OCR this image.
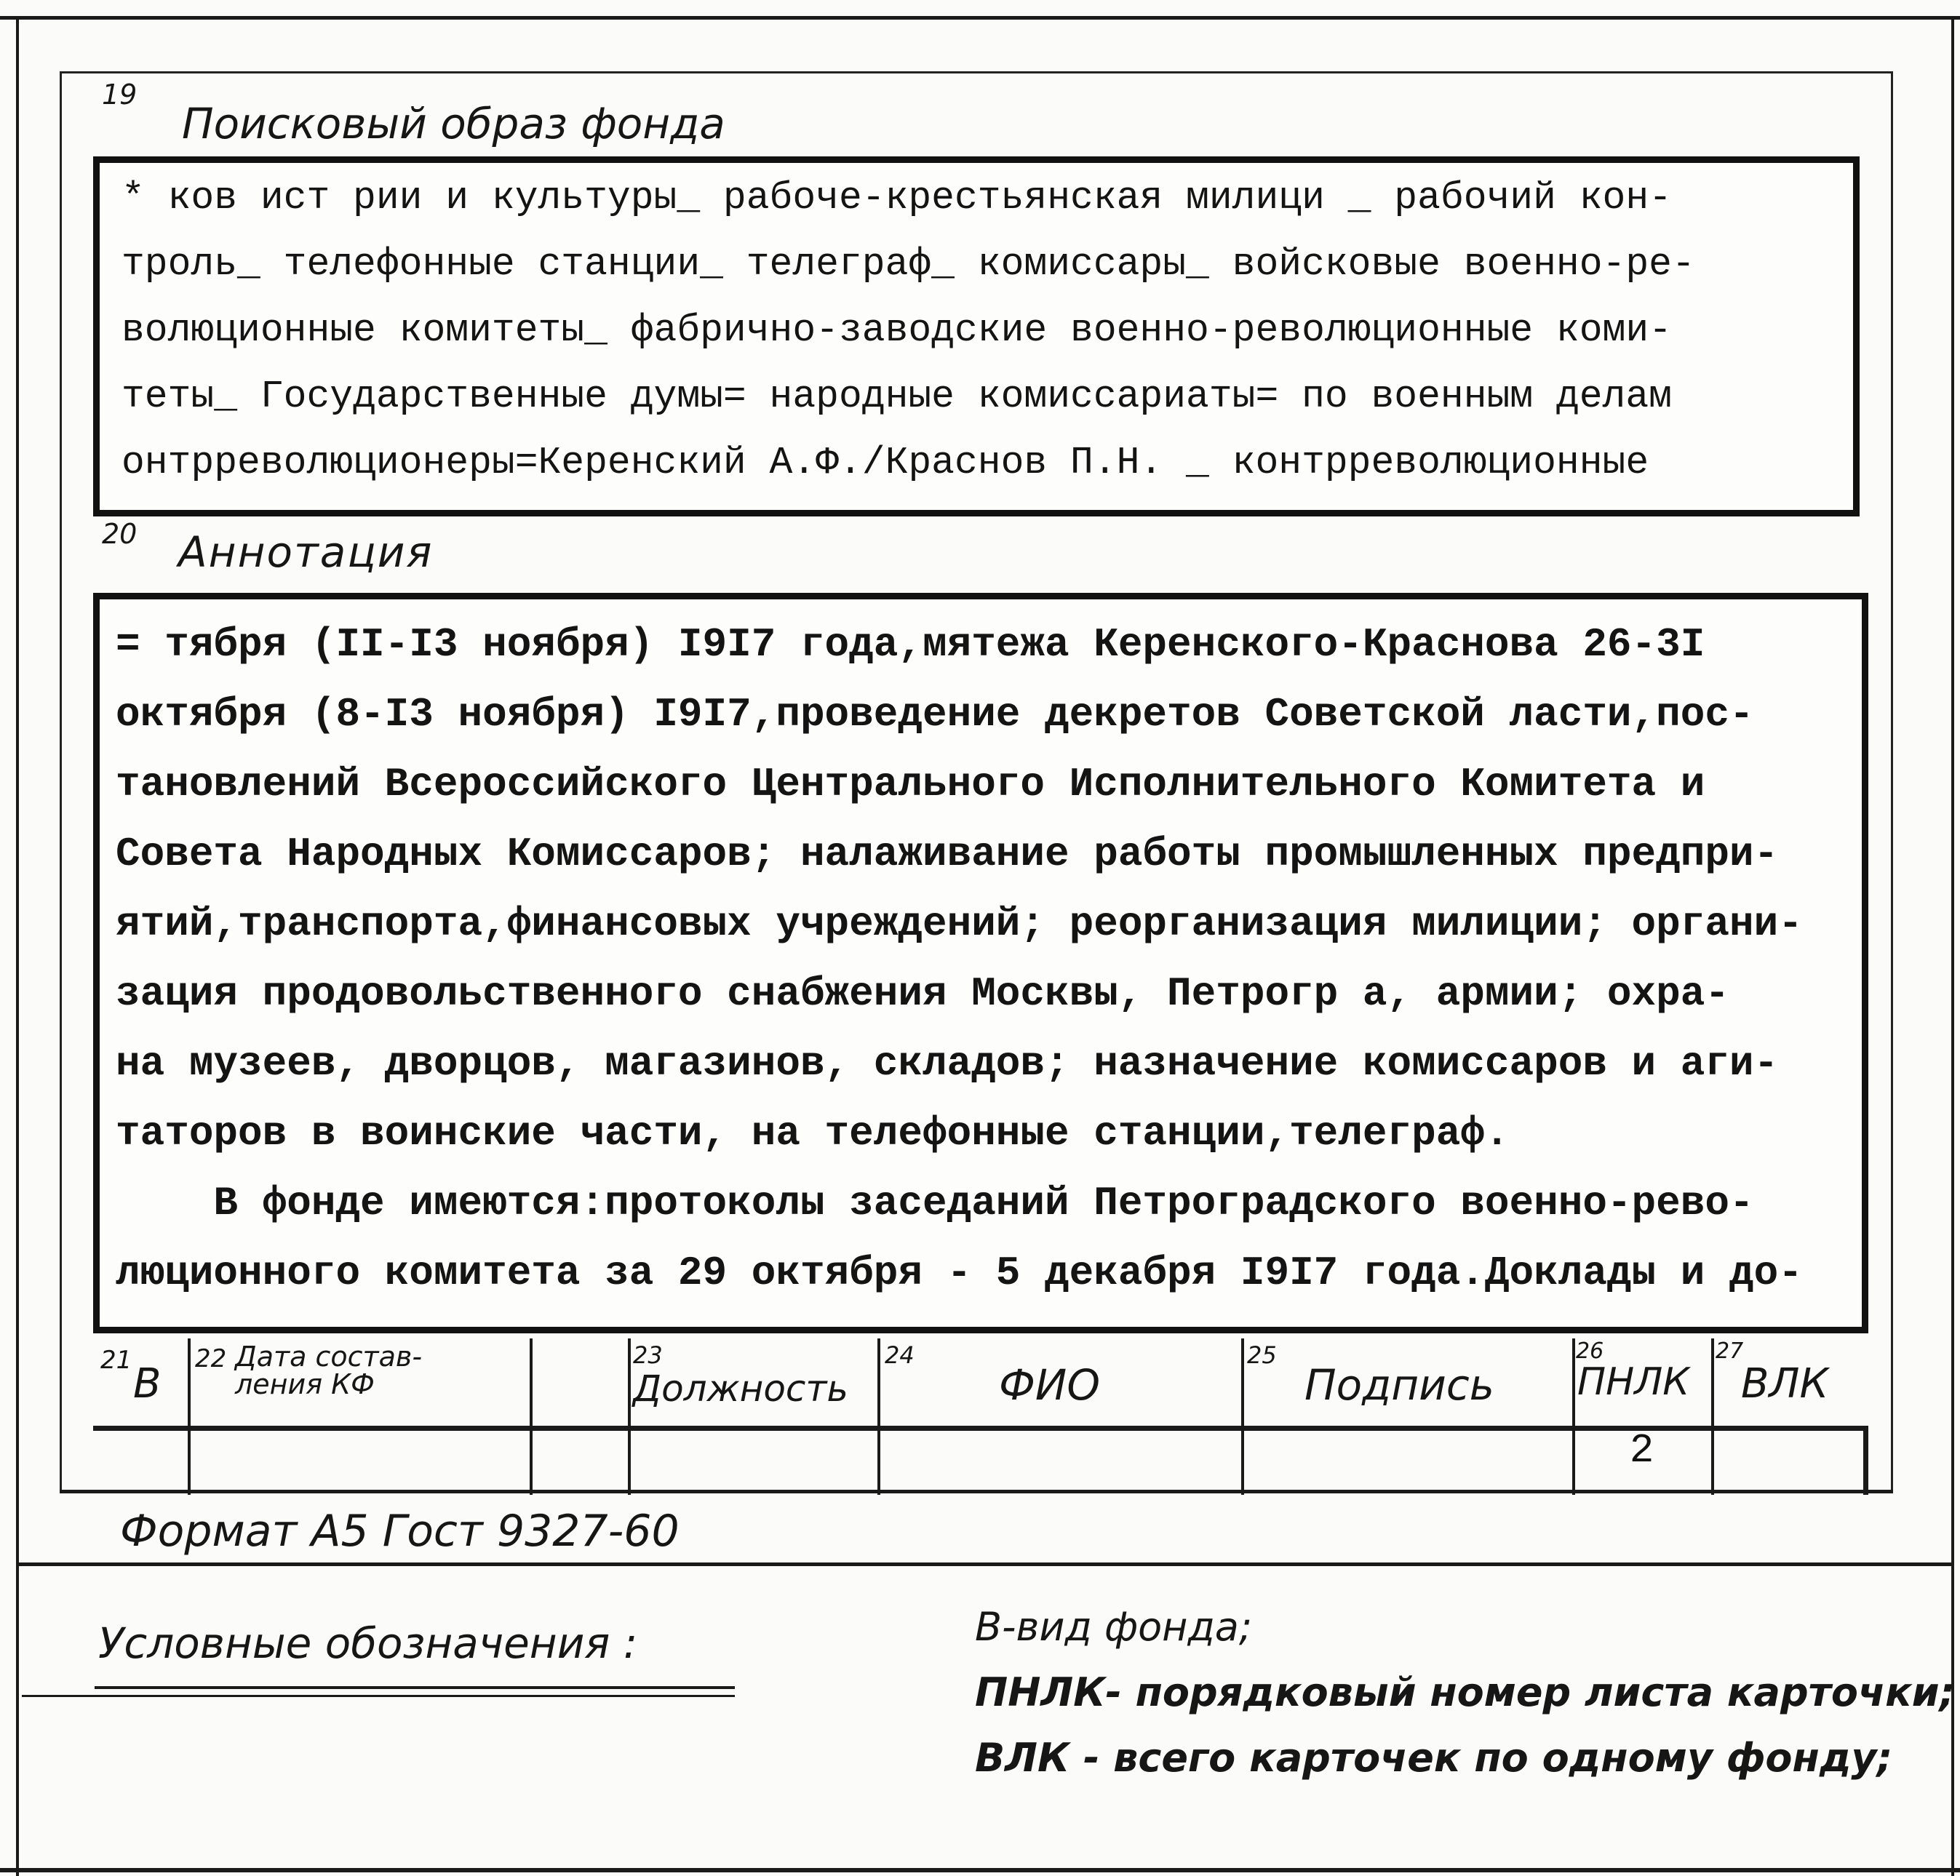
19
Поисковый образ фонда
* ков ист рии и культуры_ рабоче-крестьянская милици _ рабочий кон-
троль_ телефонные станции_ телеграф_ комиссары_ войсковые военно-ре-
волюционные комитеты_ фабрично-заводские военно-революционные коми-
теты_ Государственные думы= народные комиссариаты= по военным делам
онтрреволюционеры=Керенский А.Ф./Краснов П.Н. _ контрреволюционные
20 Аннотация
= тября (II-I3 ноября) I9I7 года,мятежа Керенского-Краснова 26-3I
октября (8-I3 ноября) I9I7,проведение декретов Советской ласти,пос-
тановлений Всероссийского Центрального Исполнительного Комитета и
Совета Народных Комиссаров; налаживание работы промышленных предпри-
ятий,транспорта,финансовых учреждений; реорганизация милиции; органи-
зация продовольственного снабжения Москвы, Петрогр а, армии; охра-
на музеев, дворцов, магазинов, складов; назначение комиссаров и аги-
таторов в воинские части, на телефонные станции,телеграф.
В фонде имеются:протоколы заседаний Петроградского военно-рево-
люционного комитета за 29 октября - 5 декабря I9I7 года.Доклады и до-
21 В
22 Дата состав-
ления КФ
23
Должность
24
ФИО
25
Подпись
26
ПНЛК
27
ВЛК
2
Формат А5 Гост 9327-60
Условные обозначения :	В-вид фонда;
ПНЛК- порядковый номер листа карточки;
ВЛК - всего карточек по одному фонду;
